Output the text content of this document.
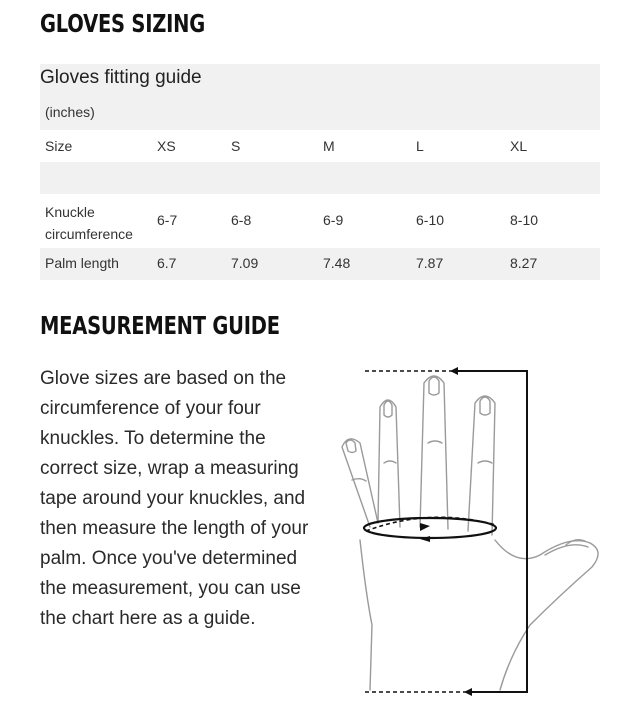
GLOVES SIZING
Gloves fitting guide
(inches)
Size	XS	S	M	L	XL
Knuckle
circumference
6-7	6-8	6-9	6-10	8-10
Palm length	6.7	7.09	7.48	7.87	8.27
MEASUREMENT GUIDE

Glove sizes are based on the circumference of your four knuckles. To determine the correct size, wrap a measuring tape around your knuckles, and then measure the length of your palm. Once you've determined the measurement, you can use the chart here as a guide.
